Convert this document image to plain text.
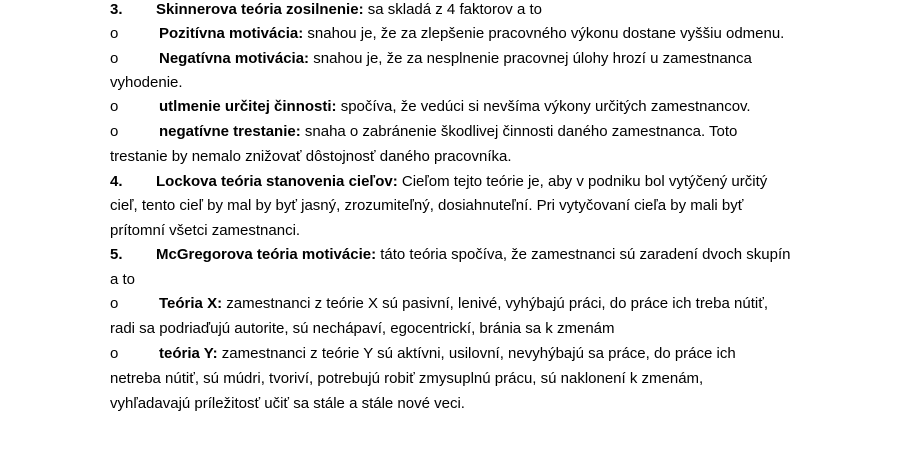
3. Skinnerova teória zosilnenie: sa skladá z 4 faktorov a to
o	Pozitívna motivácia: snahou je, že za zlepšenie pracovného výkonu dostane vyššiu odmenu.
o	Negatívna motivácia: snahou je, že za nesplnenie pracovnej úlohy hrozí u zamestnanca
vyhodenie.
o	utlmenie určitej činnosti: spočíva, že vedúci si nevšíma výkony určitých zamestnancov.
o	negatívne trestanie: snaha o zabránenie škodlivej činnosti daného zamestnanca. Toto
trestanie by nemalo znižovať dôstojnosť daného pracovníka.
4. Lockova teória stanovenia cieľov: Cieľom tejto teórie je, aby v podniku bol vytýčený určitý
cieľ, tento cieľ by mal by byť jasný, zrozumiteľný, dosiahnuteľní. Pri vytyčovaní cieľa by mali byť
prítomní všetci zamestnanci.
5. McGregorova teória motivácie: táto teória spočíva, že zamestnanci sú zaradení dvoch skupín
a to
o	Teória X: zamestnanci z teórie X sú pasivní, lenivé, vyhýbajú práci, do práce ich treba nútiť,
radi sa podriaďujú autorite, sú nechápaví, egocentrickí, bránia sa k zmenám
o	teória Y: zamestnanci z teórie Y sú aktívni, usilovní, nevyhýbajú sa práce, do práce ich
netreba nútiť, sú múdri, tvoriví, potrebujú robiť zmysuplnú prácu, sú naklonení k zmenám,
vyhľadavajú príležitosť učiť sa stále a stále nové veci.
